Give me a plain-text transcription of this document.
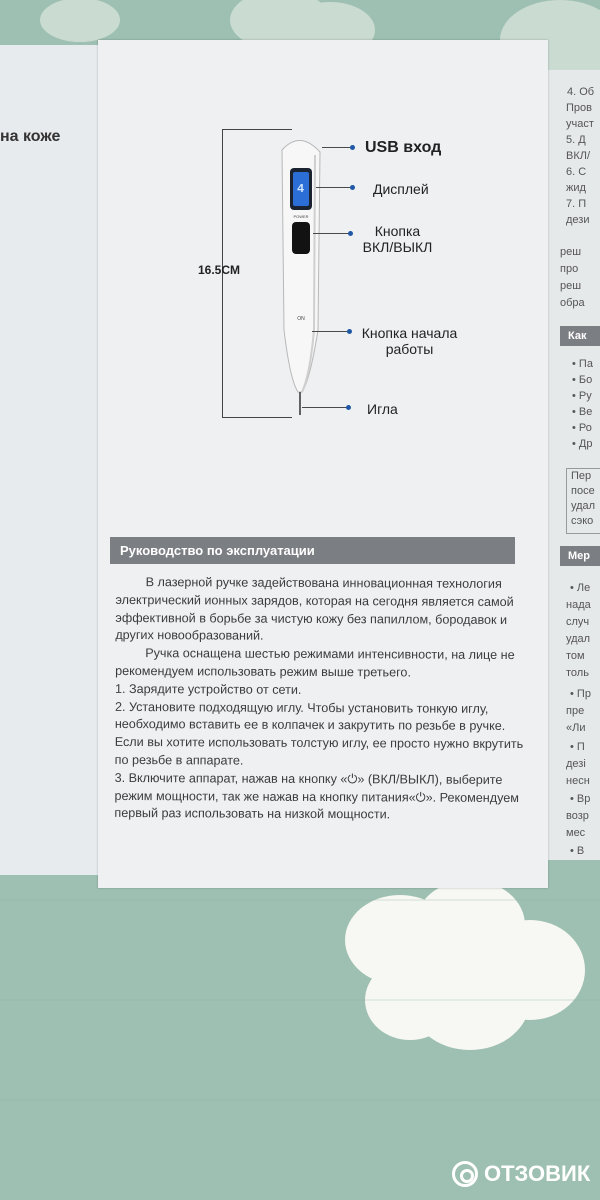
на коже
16.5CM
4
POWER
ON
USB вход
Дисплей
Кнопка ВКЛ/ВЫКЛ
Кнопка начала работы
Игла
Руководство по эксплуатации

В лазерной ручке задействована инновационная технология электрический ионных зарядов, которая на сегодня является самой эффективной в борьбе за чистую кожу без папиллом, бородавок и других новообразований.

Ручка оснащена шестью режимами интенсивности, на лице не рекомендуем использовать режим выше третьего.

1. Зарядите устройство от сети.

2. Установите подходящую иглу. Чтобы установить тонкую иглу, необходимо вставить ее в колпачек и закрутить по резьбе в ручке. Если вы хотите использовать толстую иглу, ее просто нужно вкрутить по резьбе в аппарате.

3. Включите аппарат, нажав на кнопку «⏻» (ВКЛ/ВЫКЛ), выберите режим мощности, так же нажав на кнопку питания«⏻». Рекомендуем первый раз использовать на низкой мощности.

4. Об
Пров
участ
5. Д
ВКЛ/
6. С
жид
7. П
дези
реш
про
реш
обра
Как
• Па
• Бо
• Ру
• Ве
• Ро
• Др
Пер
посе
удал
сэко
Мер
• Ле
нада
случ
удал
том
толь
• Пр
пре
«Ли
• П
дезі
несн
• Вр
возр
мес
• В
ОТЗОВИК
